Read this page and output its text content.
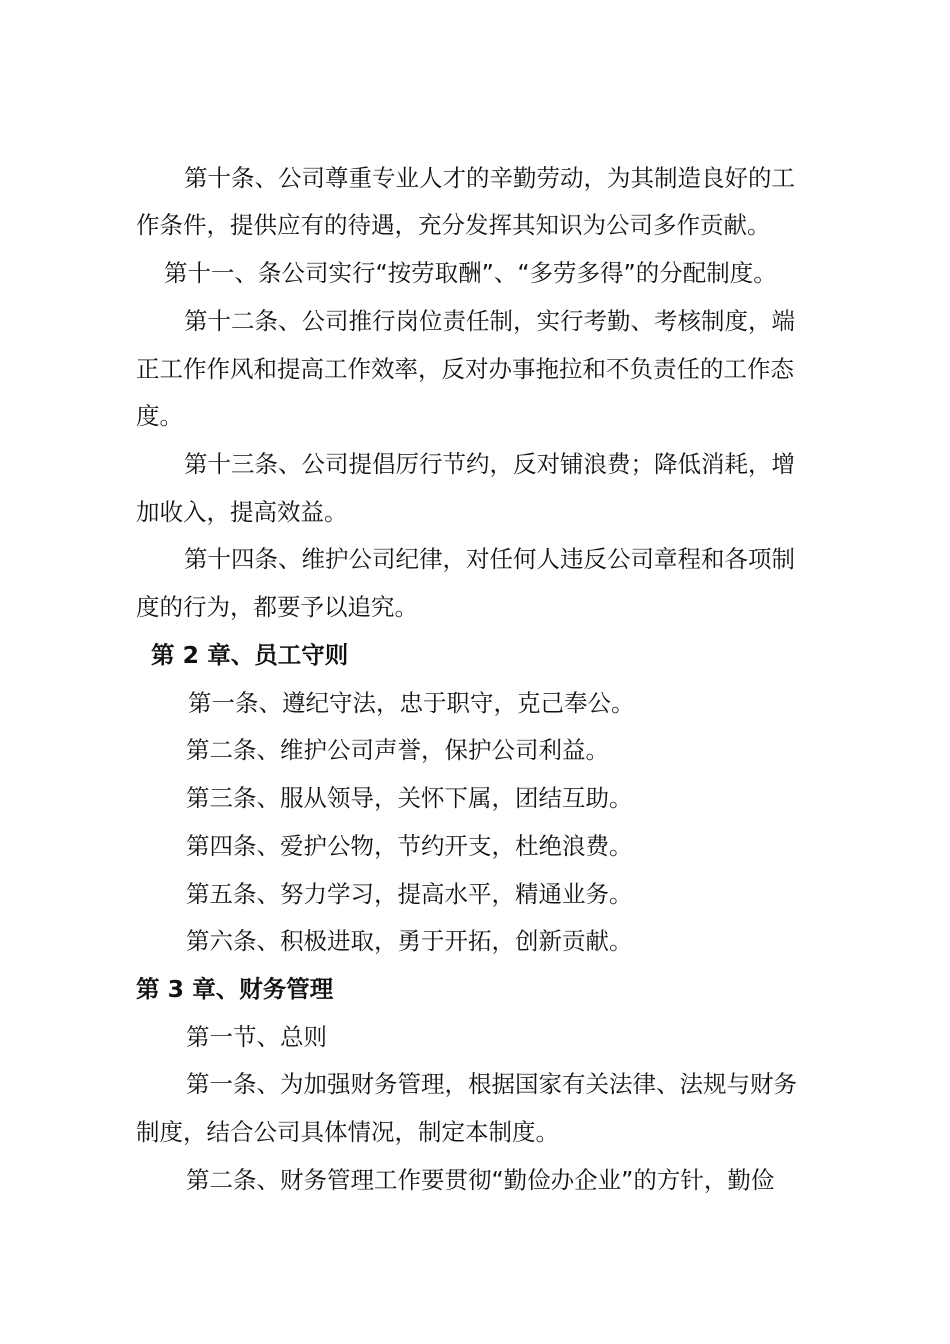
第十条、公司尊重专业人才的辛勤劳动，为其制造良好的工
作条件，提供应有的待遇，充分发挥其知识为公司多作贡献。
第十一、条公司实行“按劳取酬”、“多劳多得”的分配制度。
第十二条、公司推行岗位责任制，实行考勤、考核制度，端
正工作作风和提高工作效率，反对办事拖拉和不负责任的工作态
度。
第十三条、公司提倡厉行节约，反对铺浪费；降低消耗，增
加收入，提高效益。
第十四条、维护公司纪律，对任何人违反公司章程和各项制
度的行为，都要予以追究。
第 2 章、员工守则
第一条、遵纪守法，忠于职守，克己奉公。
第二条、维护公司声誉，保护公司利益。
第三条、服从领导，关怀下属，团结互助。
第四条、爱护公物，节约开支，杜绝浪费。
第五条、努力学习，提高水平，精通业务。
第六条、积极进取，勇于开拓，创新贡献。
第 3 章、财务管理
第一节、总则
第一条、为加强财务管理，根据国家有关法律、法规与财务
制度，结合公司具体情况，制定本制度。
第二条、财务管理工作要贯彻“勤俭办企业”的方针，勤俭
